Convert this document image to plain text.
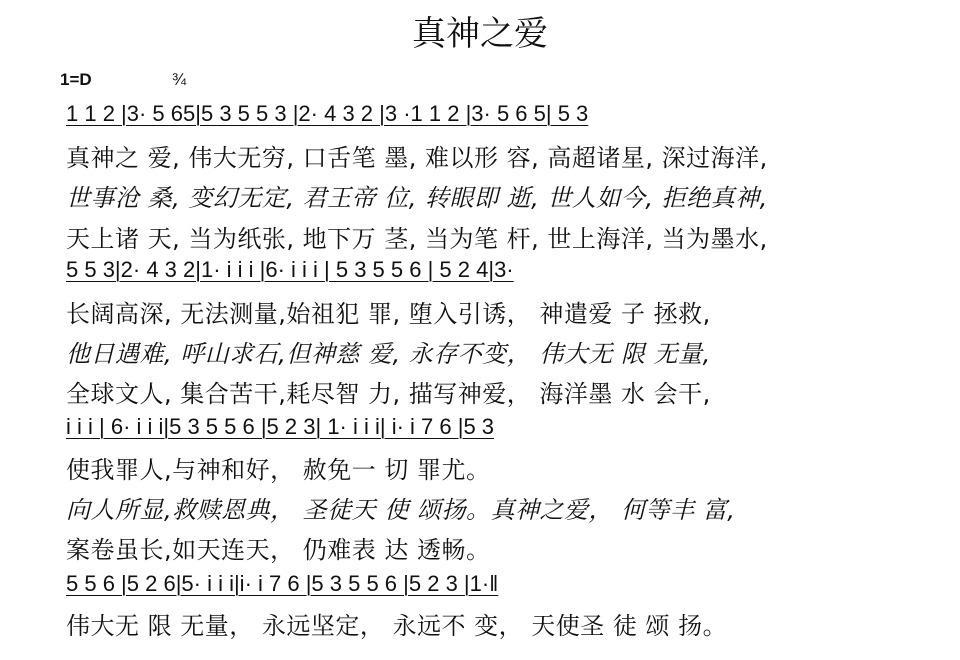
真神之爱
1=D	¾
1 1 2 |3· 5 65|5 3 5 5 3 |2· 4 3 2 |3 ·1 1 2 |3· 5 6 5| 5 3
真神之 爱, 伟大无穷, 口舌笔 墨, 难以形 容, 高超诸星, 深过海洋,
世事沧 桑, 变幻无定, 君王帝 位, 转眼即 逝, 世人如今, 拒绝真神,
天上诸 天, 当为纸张, 地下万 茎, 当为笔 杆, 世上海洋, 当为墨水,
5 5 3|2· 4 3 2|1· i i i |6· i i i | 5 3 5 5 6 | 5 2 4|3·
长阔高深, 无法测量,始祖犯 罪, 堕入引诱， 神遣爱 子 拯救,
他日遇难, 呼山求石,但神慈 爱, 永存不变， 伟大无 限 无量,
全球文人, 集合苦干,耗尽智 力, 描写神爱， 海洋墨 水 会干,
i i i | 6· i i i|5 3 5 5 6 |5 2 3| 1· i i i| i· i 7 6 |5 3
使我罪人,与神和好， 赦免一 切 罪尤。
向人所显,救赎恩典， 圣徒天 使 颂扬。真神之爱， 何等丰 富,
案卷虽长,如天连天， 仍难表 达 透畅。
5 5 6 |5 2 6|5· i i i|i· i 7 6 |5 3 5 5 6 |5 2 3 |1·‖
伟大无 限 无量， 永远坚定， 永远不 变， 天使圣 徒 颂 扬。
